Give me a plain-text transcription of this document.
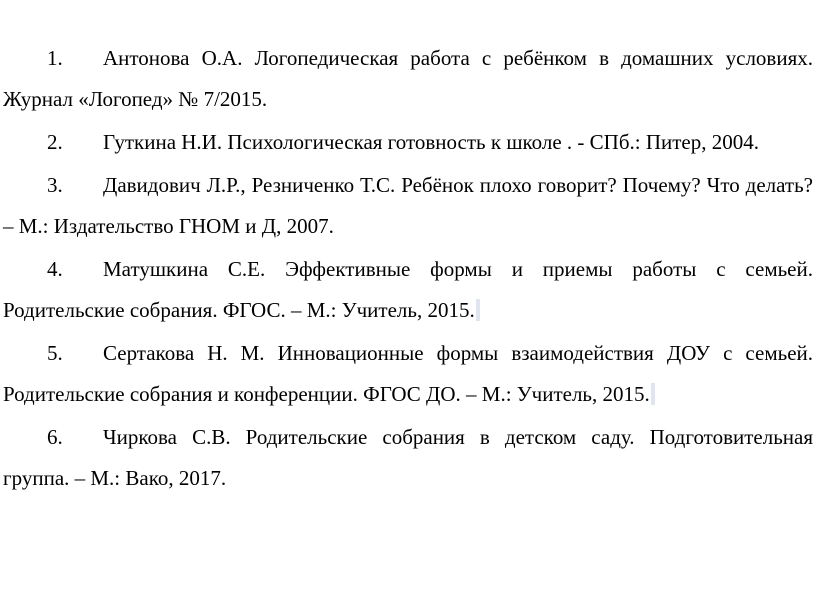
1. Антонова О.А. Логопедическая работа с ребёнком в домашних условиях. Журнал «Логопед» № 7/2015.
2. Гуткина Н.И. Психологическая готовность к школе . - СПб.: Питер, 2004.
3. Давидович Л.Р., Резниченко Т.С. Ребёнок плохо говорит? Почему? Что делать? – М.: Издательство ГНОМ и Д, 2007.
4. Матушкина С.Е. Эффективные формы и приемы работы с семьей. Родительские собрания. ФГОС. – М.: Учитель, 2015.
5. Сертакова Н. М. Инновационные формы взаимодействия ДОУ с семьей. Родительские собрания и конференции. ФГОС ДО. – М.: Учитель, 2015.
6. Чиркова С.В. Родительские собрания в детском саду. Подготовительная группа. – М.: Вако, 2017.
